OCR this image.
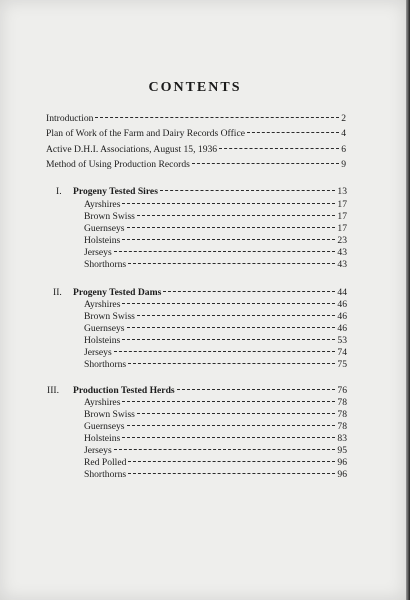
CONTENTS
Introduction	2
Plan of Work of the Farm and Dairy Records Office	4
Active D.H.I. Associations, August 15, 1936	6
Method of Using Production Records	9
I. Progeny Tested Sires	13
Ayrshires	17
Brown Swiss	17
Guernseys	17
Holsteins	23
Jerseys	43
Shorthorns	43
II. Progeny Tested Dams	44
Ayrshires	46
Brown Swiss	46
Guernseys	46
Holsteins	53
Jerseys	74
Shorthorns	75
III. Production Tested Herds	76
Ayrshires	78
Brown Swiss	78
Guernseys	78
Holsteins	83
Jerseys	95
Red Polled	96
Shorthorns	96
